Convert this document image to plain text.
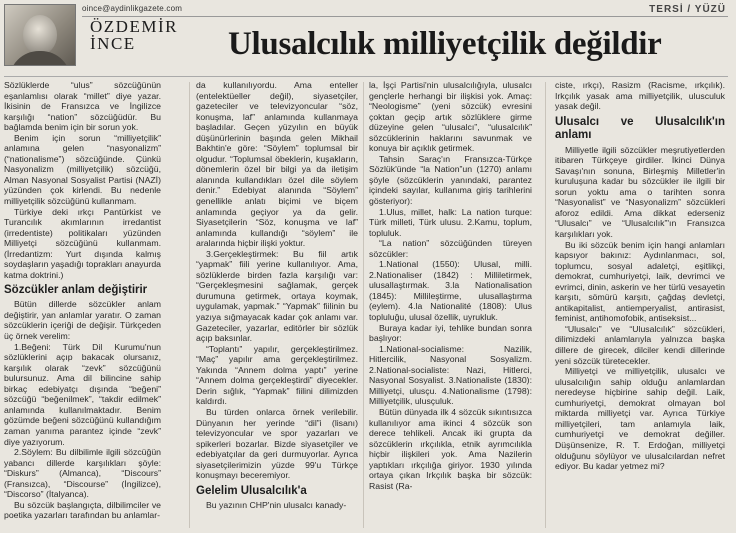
oince@aydinlikgazete.com	TERSİ / YÜZÜ
ÖZDEMİR
İNCE	Ulusalcılık milliyetçilik değildir

Sözlüklerde “ulus” sözcüğünün eşanlamlısı olarak “millet” diye yazar. İkisinin de Fransızca ve İngilizce karşılığı “nation” sözcüğüdür. Bu bağlamda benim için bir sorun yok.

Benim için sorun “milliyetçilik” anlamına gelen “nasyonalizm” (“nationalisme”) sözcüğünde. Çünkü Nasyonalizm (milliyetçilik) sözcüğü, Alman Nasyonal Sosyalist Partisi (NAZİ) yüzünden çok kirlendi. Bu nedenle milliyetçilik sözcüğünü kullanmam.

Türkiye deki ırkçı Pantürkist ve Turancılık akımlarının irredantist (irredentiste) politikaları yüzünden Milliyetçi sözcüğünü kullanmam. (İrredantizm: Yurt dışında kalmış soydaşların yaşadığı toprakları anayurda katma doktrini.)

Sözcükler anlam değiştirir

Bütün dillerde sözcükler anlam değiştirir, yan anlamlar yaratır. O zaman sözcüklerin içeriği de değişir. Türkçeden üç örnek verelim:

1.Beğeni: Türk Dil Kurumu'nun sözlüklerini açıp bakacak olursanız, karşılık olarak “zevk” sözcüğünü bulursunuz. Ama dil bilincine sahip birkaç edebiyatçı dışında “beğeni” sözcüğü “beğenilmek”, “takdir edilmek” anlamında kullanılmaktadır. Benim gözümde beğeni sözcüğünü kullandığım zaman yanıma parantez içinde “zevk” diye yazıyorum.

2.Söylem: Bu dilbilimle ilgili sözcüğün yabancı dillerde karşılıkları şöyle: “Diskurs” (Almanca), “Discours” (Fransızca), “Discourse” (İngilizce), “Discorso” (İtalyanca).

Bu sözcük başlangıçta, dilbilimciler ve poetika yazarları tarafından bu anlamlar-

da kullanılıyordu. Ama enteller (entelektüeller değil), siyasetçiler, gazeteciler ve televizyoncular “söz, konuşma, laf” anlamında kullanmaya başladılar. Geçen yüzyılın en büyük düşünürlerinin başında gelen Mikhail Bakhtin'e göre: “Söylem” toplumsal bir olgudur. “Toplumsal öbeklerin, kuşakların, dönemlerin özel bir bilgi ya da iletişim alanında kullandıkları özel dile söylem denir.” Edebiyat alanında “Söylem” genellikle anlatı biçimi ve biçem anlamında geçiyor ya da gelir. Siyasetçilerin “Söz, konuşma ve laf” anlamında kullandığı “söylem” ile aralarında hiçbir ilişki yoktur.

3.Gerçekleştirmek: Bu fiil artık “yapmak” fiili yerine kullanılıyor. Ama, sözlüklerde birden fazla karşılığı var: “Gerçekleşmesini sağlamak, gerçek durumuna getirmek, ortaya koymak, uygulamak, yapmak.” “Yapmak” fiilinin bu yazıya sığmayacak kadar çok anlamı var. Gazeteciler, yazarlar, editörler bir sözlük açıp baksınlar.

“Toplantı” yapılır, gerçekleştirilmez. “Maç” yapılır ama gerçekleştirilmez. Yakında “Annem dolma yaptı” yerine “Annem dolma gerçekleştirdi” diyecekler. Derin sığlık, “Yapmak” fiilini dilimizden kaldırdı.

Bu türden onlarca örnek verilebilir. Dünyanın her yerinde “dil”i (lisanı) televizyoncular ve spor yazarları ve spikerleri bozarlar. Bizde siyasetçiler ve edebiyatçılar da geri durmuyorlar. Ayrıca siyasetçilerimizin yüzde 99'u Türkçe konuşmayı beceremiyor.

Gelelim Ulusalcılık'a

Bu yazının CHP'nin ulusalcı kanady-

la, İşçi Partisi'nin ulusalcılığıyla, ulusalcı gençlerle herhangi bir ilişkisi yok. Amaç: “Neologisme” (yeni sözcük) evresini çoktan geçip artık sözlüklere girme düzeyine gelen “ulusalcı”, “ulusalcılık” sözcüklerinin haklarını savunmak ve konuya bir açıklık getirmek.

Tahsin Saraç'ın Fransızca-Türkçe Sözlük'ünde “la Nation”un (1270) anlamı şöyle (sözcüklerin yanındaki, parantez içindeki sayılar, kullanıma giriş tarihlerini gösteriyor):

1.Ulus, millet, halk: La nation turque: Türk milleti, Türk ulusu. 2.Kamu, toplum, topluluk.

“La nation” sözcüğünden türeyen sözcükler:

1.National (1550): Ulusal, milli. 2.Nationaliser (1842) : Milliletirmek, ulusallaştırmak. 3.la Nationalisation (1845): Millileştirme, ulusallaştırma (eylem). 4.la Nationalité (1808): Ulus topluluğu, ulusal özellik, uyrukluk.

Buraya kadar iyi, tehlike bundan sonra başlıyor:

1.National-socialisme: Nazilik, Hitlercilik, Nasyonal Sosyalizm. 2.National-socialiste: Nazi, Hitlerci, Nasyonal Sosyalist. 3.Nationaliste (1830): Milliyetçi, ulusçu. 4.Nationalisme (1798): Milliyetçilik, ulusçuluk.

Bütün dünyada ilk 4 sözcük sıkıntısızca kullanılıyor ama ikinci 4 sözcük son derece tehlikeli. Ancak iki grupta da sözcüklerin ırkçılıkla, etnik ayrımcılıkla hiçbir ilişkileri yok. Ama Nazilerin yaptıkları ırkçılığa giriyor. 1930 yılında ortaya çıkan Irkçılık başka bir sözcük: Rasist (Ra-

ciste, ırkçı), Rasizm (Racisme, ırkçılık). Irkçılık yasak ama milliyetçilik, ulusculuk yasak değil.

Ulusalcı ve Ulusalcılık'ın anlamı

Milliyetle ilgili sözcükler meşrutiyetlerden itibaren Türkçeye girdiler. İkinci Dünya Savaşı'nın sonuna, Birleşmiş Milletler'in kuruluşuna kadar bu sözcükler ile ilgili bir sorun yoktu ama o tarihten sonra “Nasyonalist” ve “Nasyonalizm” sözcükleri aforoz edildi. Ama dikkat ederseniz “Ulusalcı” ve “Ulusalcılık”'ın Fransızca karşılıkları yok.

Bu iki sözcük benim için hangi anlamları kapsıyor bakınız: Aydınlanmacı, sol, toplumcu, sosyal adaletçi, eşitlikçi, demokrat, cumhuriyetçi, laik, devrimci ve evrimci, dinin, askerin ve her türlü vesayetin karşıtı, sömürü karşıtı, çağdaş devletçi, antikapitalist, antiemperyalist, antirasist, feminist, antihomofobik, antiseksist...

“Ulusalcı” ve “Ulusalcılık” sözcükleri, dilimizdeki anlamlarıyla yalnızca başka dillere de girecek, dilciler kendi dillerinde yeni sözcük türetecekler.

Milliyetçi ve milliyetçilik, ulusalcı ve ulusalcılığın sahip olduğu anlamlardan neredeyse hiçbirine sahip değil. Laik, cumhuriyetçi, demokrat olmayan bol miktarda milliyetçi var. Ayrıca Türkiye milliyetçileri, tam anlamıyla laik, cumhuriyetçi ve demokrat değiller. Düşünsenize, R. T. Erdoğan, milliyetçi olduğunu söylüyor ve ulusalcılardan nefret ediyor. Bu kadar yetmez mi?
